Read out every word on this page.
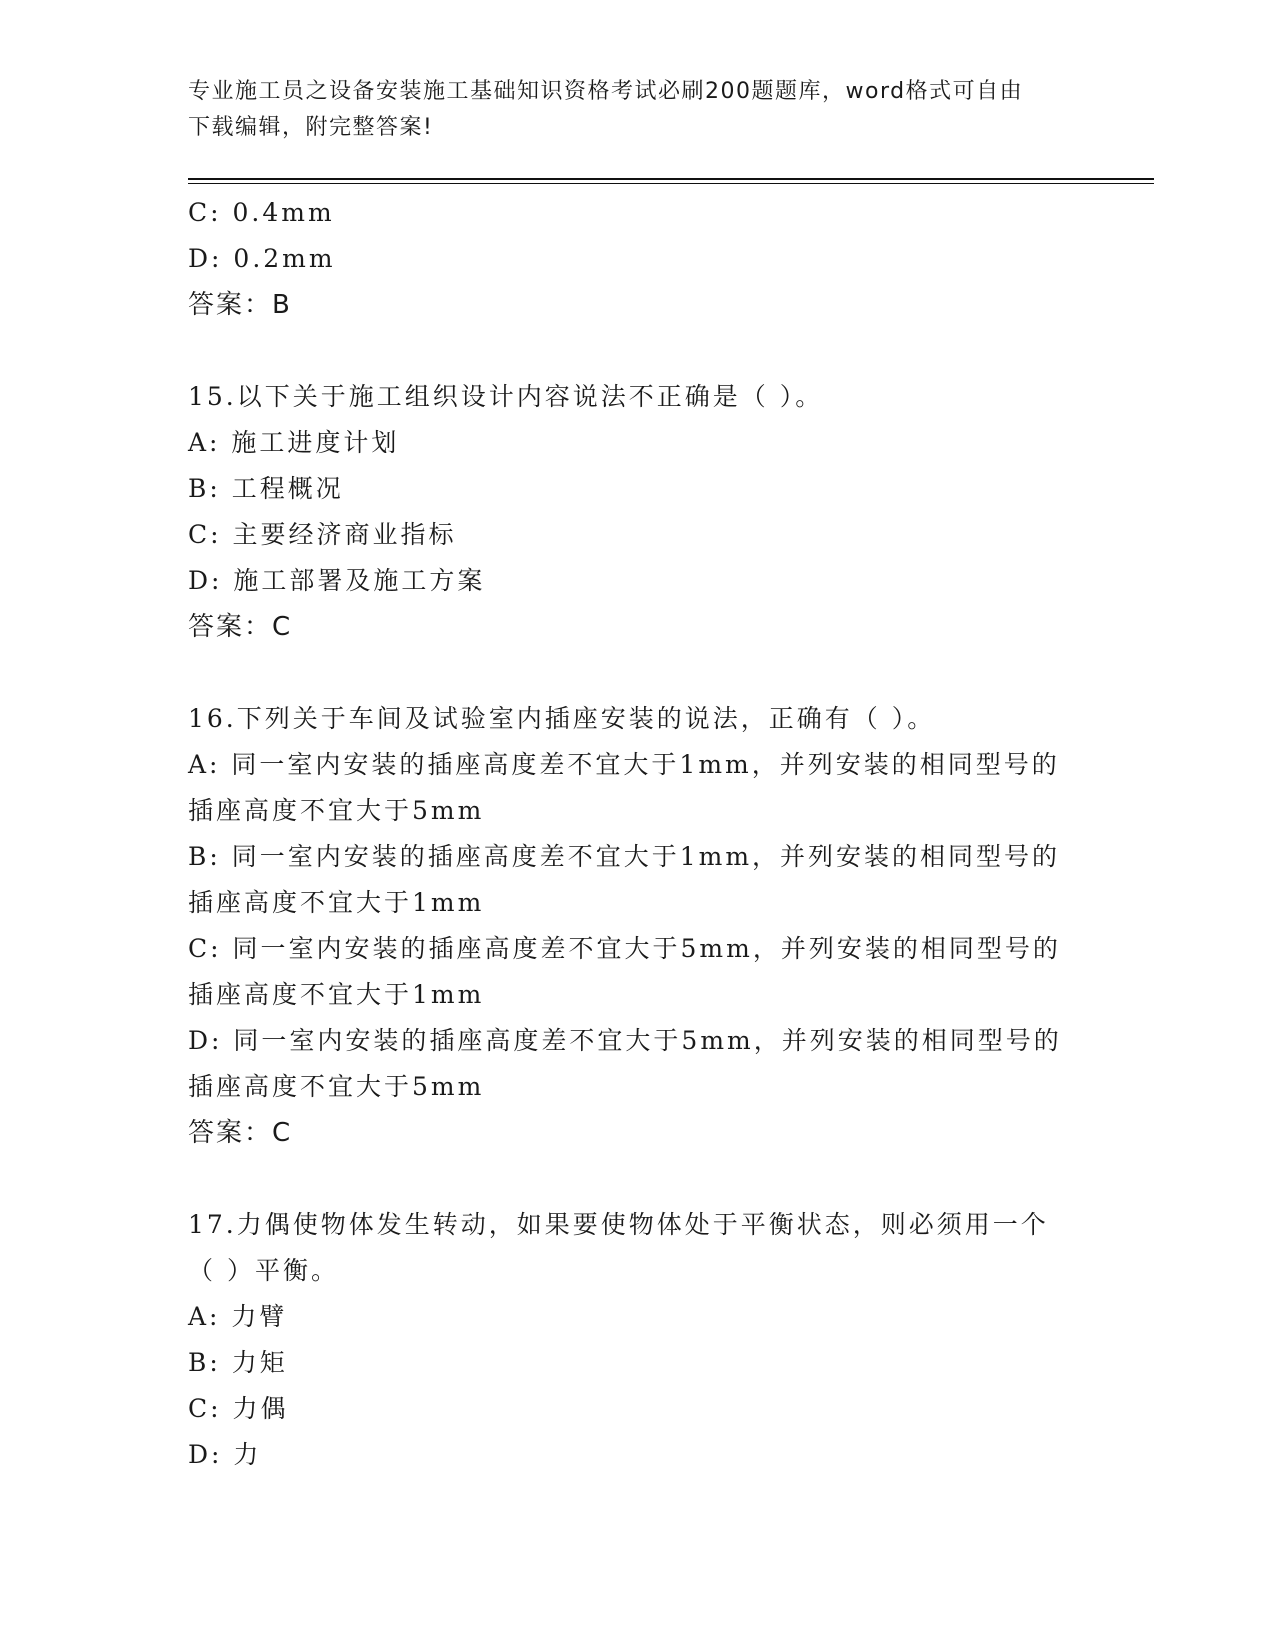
专业施工员之设备安装施工基础知识资格考试必刷200题题库，word格式可自由
下载编辑，附完整答案!
C: 0.4mm
D: 0.2mm
答案：B
15.以下关于施工组织设计内容说法不正确是（ ）。
A: 施工进度计划
B: 工程概况
C: 主要经济商业指标
D: 施工部署及施工方案
答案：C
16.下列关于车间及试验室内插座安装的说法，正确有（ ）。
A: 同一室内安装的插座高度差不宜大于1mm，并列安装的相同型号的
插座高度不宜大于5mm
B: 同一室内安装的插座高度差不宜大于1mm，并列安装的相同型号的
插座高度不宜大于1mm
C: 同一室内安装的插座高度差不宜大于5mm，并列安装的相同型号的
插座高度不宜大于1mm
D: 同一室内安装的插座高度差不宜大于5mm，并列安装的相同型号的
插座高度不宜大于5mm
答案：C
17.力偶使物体发生转动，如果要使物体处于平衡状态，则必须用一个
（ ）平衡。
A: 力臂
B: 力矩
C: 力偶
D: 力
